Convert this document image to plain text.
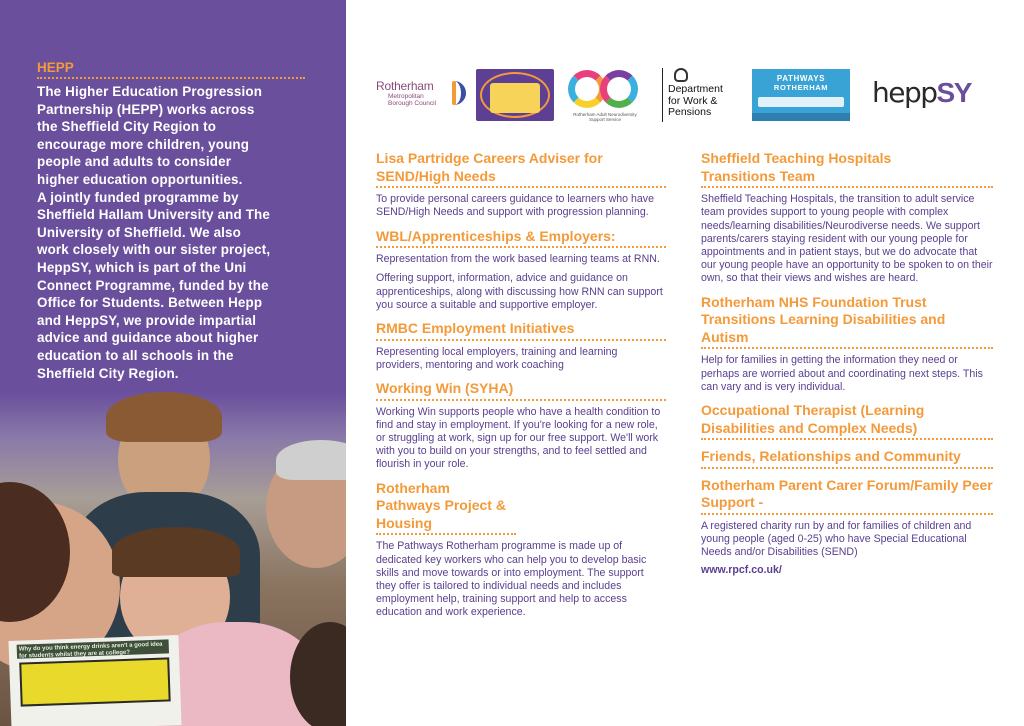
HEPP
The Higher Education Progression
Partnership (HEPP) works across
the Sheffield City Region to
encourage more children, young
people and adults to consider
higher education opportunities.
A jointly funded programme by
Sheffield Hallam University and The
University of Sheffield. We also
work closely with our sister project,
HeppSY, which is part of the Uni
Connect Programme, funded by the
Office for Students. Between Hepp
and HeppSY, we provide impartial
advice and guidance about higher
education to all schools in the
Sheffield City Region.
Why do you think energy drinks aren't a good idea for students whilst they are at college?
Rotherham
Metropolitan
Borough Council
Rotherham Adult Neurodiversity Support Service
Department
for Work &
Pensions
PATHWAYS
ROTHERHAM	heppSY
Lisa Partridge Careers Adviser for SEND/High Needs

To provide personal careers guidance to learners who have SEND/High Needs and support with progression planning.

WBL/Apprenticeships & Employers:

Representation from the work based learning teams at RNN.

Offering support, information, advice and guidance on apprenticeships, along with discussing how RNN can support you source a suitable and supportive employer.

RMBC Employment Initiatives

Representing local employers, training and learning providers, mentoring and work coaching

Working Win (SYHA)

Working Win supports people who have a health condition to find and stay in employment. If you're looking for a new role, or struggling at work, sign up for our free support. We'll work with you to build on your strengths, and to feel settled and flourish in your role.

Rotherham Pathways Project & Housing

The Pathways Rotherham programme is made up of dedicated key workers who can help you to develop basic skills and move towards or into employment. The support they offer is tailored to individual needs and includes employment help, training support and help to access education and work experience.

Sheffield Teaching Hospitals Transitions Team

Sheffield Teaching Hospitals, the transition to adult service team provides support to young people with complex needs/learning disabilities/Neurodiverse needs. We support parents/carers staying resident with our young people for appointments and in patient stays, but we do advocate that our young people have an opportunity to be spoken to on their own, so that their views and wishes are heard.

Rotherham NHS Foundation Trust Transitions Learning Disabilities and Autism

Help for families in getting the information they need or perhaps are worried about and coordinating next steps. This can vary and is very individual.

Occupational Therapist (Learning Disabilities and Complex Needs)
Friends, Relationships and Community
Rotherham Parent Carer Forum/Family Peer Support -

A registered charity run by and for families of children and young people (aged 0-25) who have Special Educational Needs and/or Disabilities (SEND)

www.rpcf.co.uk/
